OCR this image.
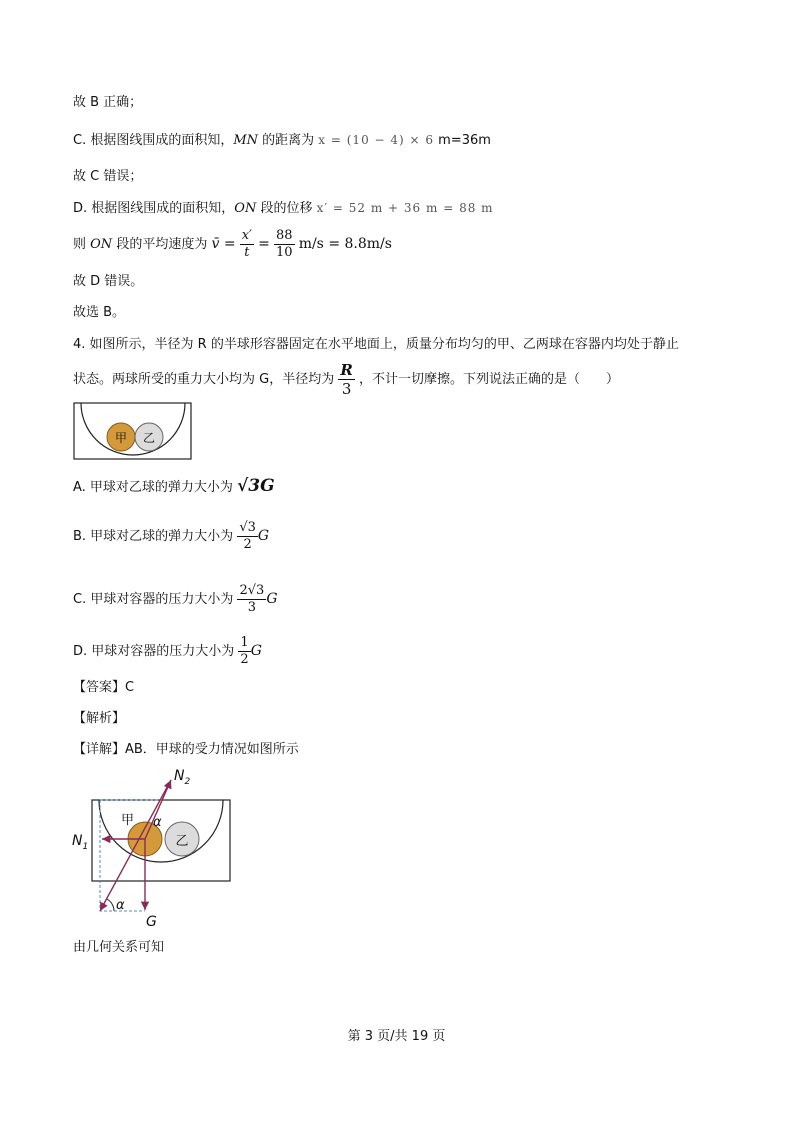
故 B 正确；
C. 根据图线围成的面积知，MN 的距离为 x = (10 − 4) × 6 m=36m
故 C 错误；
D. 根据图线围成的面积知，ON 段的位移 x′ = 52 m + 36 m = 88 m
则 ON 段的平均速度为 v̄ = $\frac{x'}{t} = \frac{88}{10} m/s = 8.8m/s$
故 D 错误。
故选 B。
4. 如图所示，半径为 R 的半球形容器固定在水平地面上，质量分布均匀的甲、乙两球在容器内均处于静止
状态。两球所受的重力大小均为 G，半径均为 $\frac{R}{3}$ ，不计一切摩擦。下列说法正确的是（　　）
甲 乙
A. 甲球对乙球的弹力大小为 √3G
B. 甲球对乙球的弹力大小为 $\frac{√3}{2}$ G
C. 甲球对容器的压力大小为 $\frac{2√3}{3}$ G
D. 甲球对容器的压力大小为 $\frac{1}{2}$ G
【答案】C
【解析】
【详解】AB．甲球的受力情况如图所示
$N_2$
$N_1$
甲
乙
α
α
G
由几何关系可知
第 3 页/共 19 页
